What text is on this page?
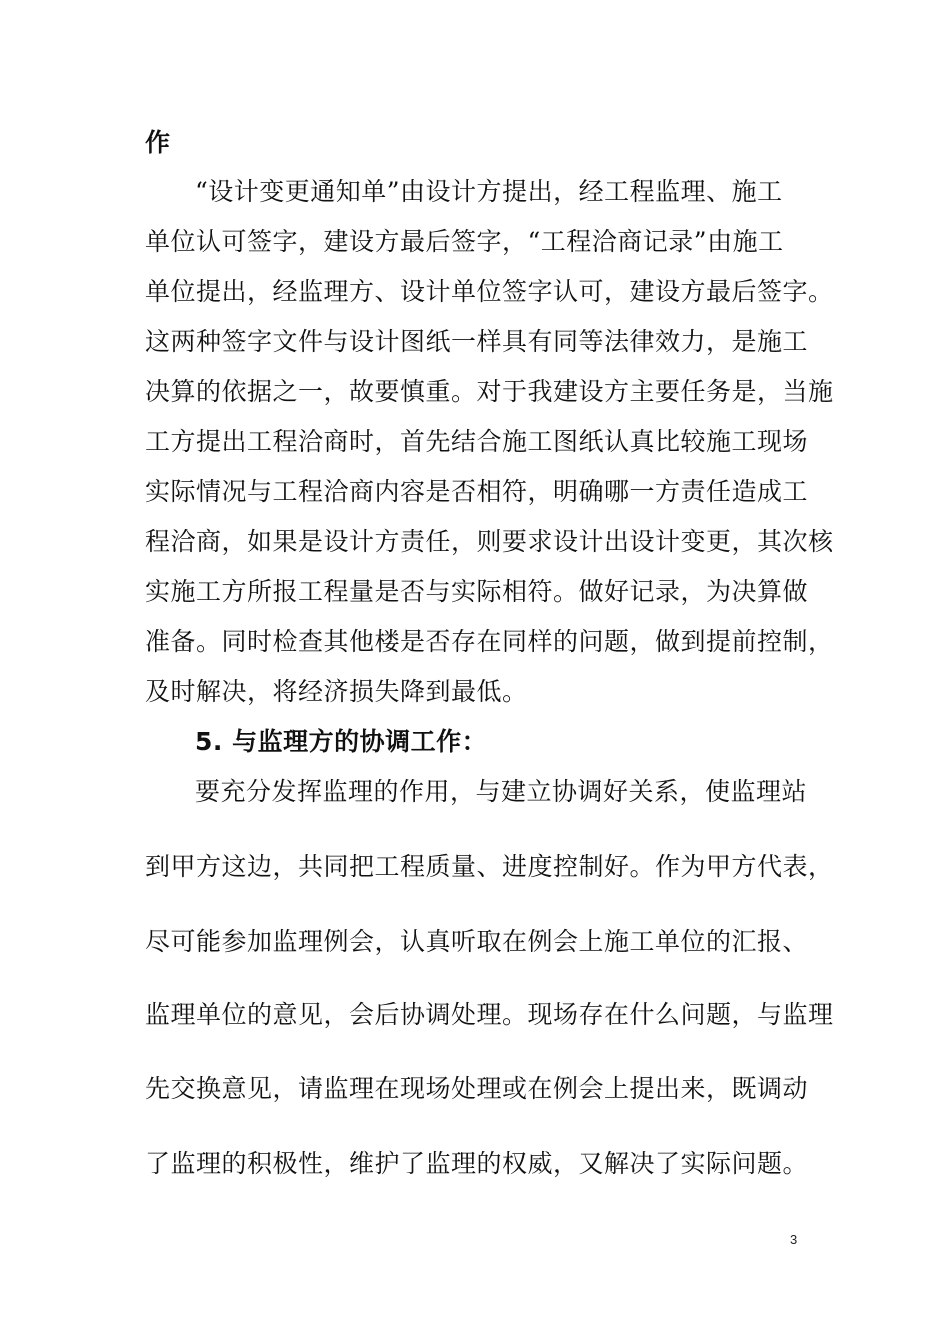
作
“设计变更通知单”由设计方提出，经工程监理、施工
单位认可签字，建设方最后签字，“工程洽商记录”由施工
单位提出，经监理方、设计单位签字认可，建设方最后签字。
这两种签字文件与设计图纸一样具有同等法律效力，是施工
决算的依据之一，故要慎重。对于我建设方主要任务是，当施
工方提出工程洽商时，首先结合施工图纸认真比较施工现场
实际情况与工程洽商内容是否相符，明确哪一方责任造成工
程洽商，如果是设计方责任，则要求设计出设计变更，其次核
实施工方所报工程量是否与实际相符。做好记录，为决算做
准备。同时检查其他楼是否存在同样的问题，做到提前控制，
及时解决，将经济损失降到最低。
5. 与监理方的协调工作：
要充分发挥监理的作用，与建立协调好关系，使监理站
到甲方这边，共同把工程质量、进度控制好。作为甲方代表，
尽可能参加监理例会，认真听取在例会上施工单位的汇报、
监理单位的意见，会后协调处理。现场存在什么问题，与监理
先交换意见，请监理在现场处理或在例会上提出来，既调动
了监理的积极性，维护了监理的权威，又解决了实际问题。
3
